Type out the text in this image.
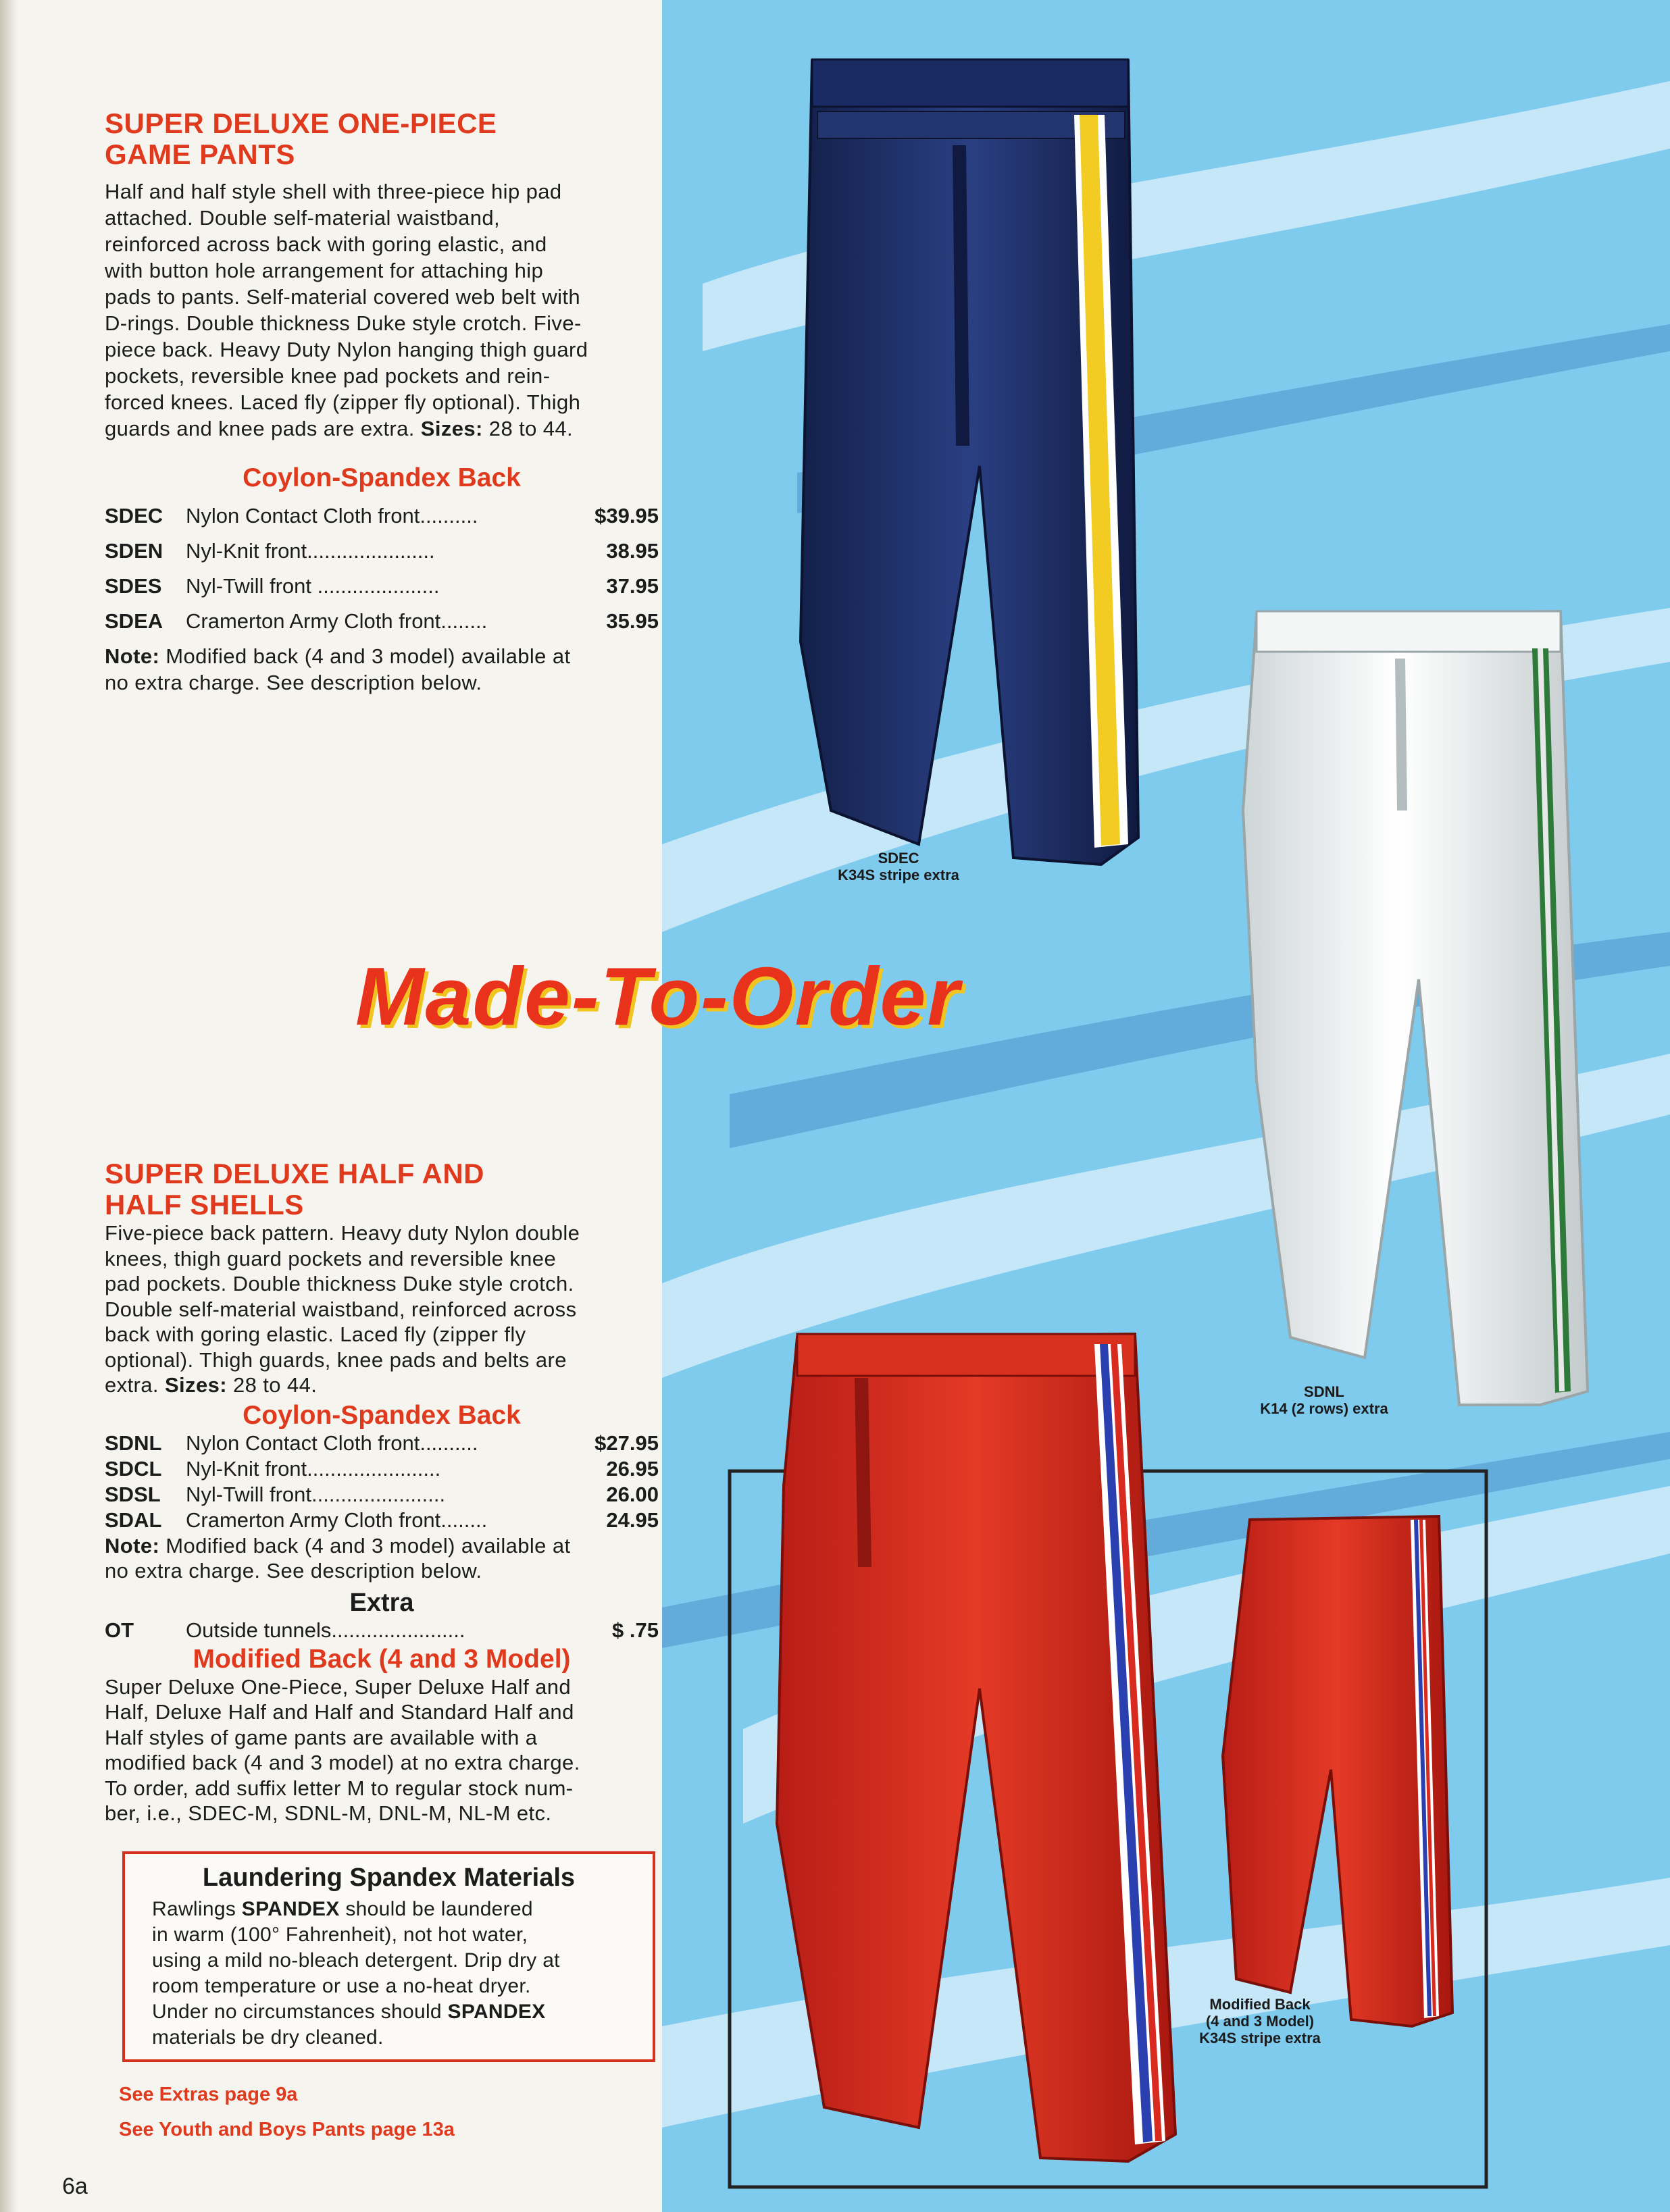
SUPER DELUXE ONE-PIECE
GAME PANTS
Half and half style shell with three-piece hip pad
attached. Double self-material waistband,
reinforced across back with goring elastic, and
with button hole arrangement for attaching hip
pads to pants. Self-material covered web belt with
D-rings. Double thickness Duke style crotch. Five-
piece back. Heavy Duty Nylon hanging thigh guard
pockets, reversible knee pad pockets and rein-
forced knees. Laced fly (zipper fly optional). Thigh
guards and knee pads are extra. Sizes: 28 to 44.
Coylon-Spandex Back
SDEC	Nylon Contact Cloth front..........	$39.95
SDEN	Nyl-Knit front......................	38.95
SDES	Nyl-Twill front .....................	37.95
SDEA	Cramerton Army Cloth front........	35.95
Note: Modified back (4 and 3 model) available at
no extra charge. See description below.
SDEC
K34S stripe extra
SDNL
K14 (2 rows) extra
Modified Back
(4 and 3 Model)
K34S stripe extra
Made-To-Order
SUPER DELUXE HALF AND
HALF SHELLS
Five-piece back pattern. Heavy duty Nylon double
knees, thigh guard pockets and reversible knee
pad pockets. Double thickness Duke style crotch.
Double self-material waistband, reinforced across
back with goring elastic. Laced fly (zipper fly
optional). Thigh guards, knee pads and belts are
extra. Sizes: 28 to 44.
Coylon-Spandex Back
SDNL	Nylon Contact Cloth front..........	$27.95
SDCL	Nyl-Knit front.......................	26.95
SDSL	Nyl-Twill front.......................	26.00
SDAL	Cramerton Army Cloth front........	24.95
Note: Modified back (4 and 3 model) available at
no extra charge. See description below.
Extra
OT	Outside tunnels.......................	$ .75
Modified Back (4 and 3 Model)
Super Deluxe One-Piece, Super Deluxe Half and
Half, Deluxe Half and Half and Standard Half and
Half styles of game pants are available with a
modified back (4 and 3 model) at no extra charge.
To order, add suffix letter M to regular stock num-
ber, i.e., SDEC-M, SDNL-M, DNL-M, NL-M etc.
Laundering Spandex Materials
Rawlings SPANDEX should be laundered
in warm (100° Fahrenheit), not hot water,
using a mild no-bleach detergent. Drip dry at
room temperature or use a no-heat dryer.
Under no circumstances should SPANDEX
materials be dry cleaned.
See Extras page 9a
See Youth and Boys Pants page 13a
6a
